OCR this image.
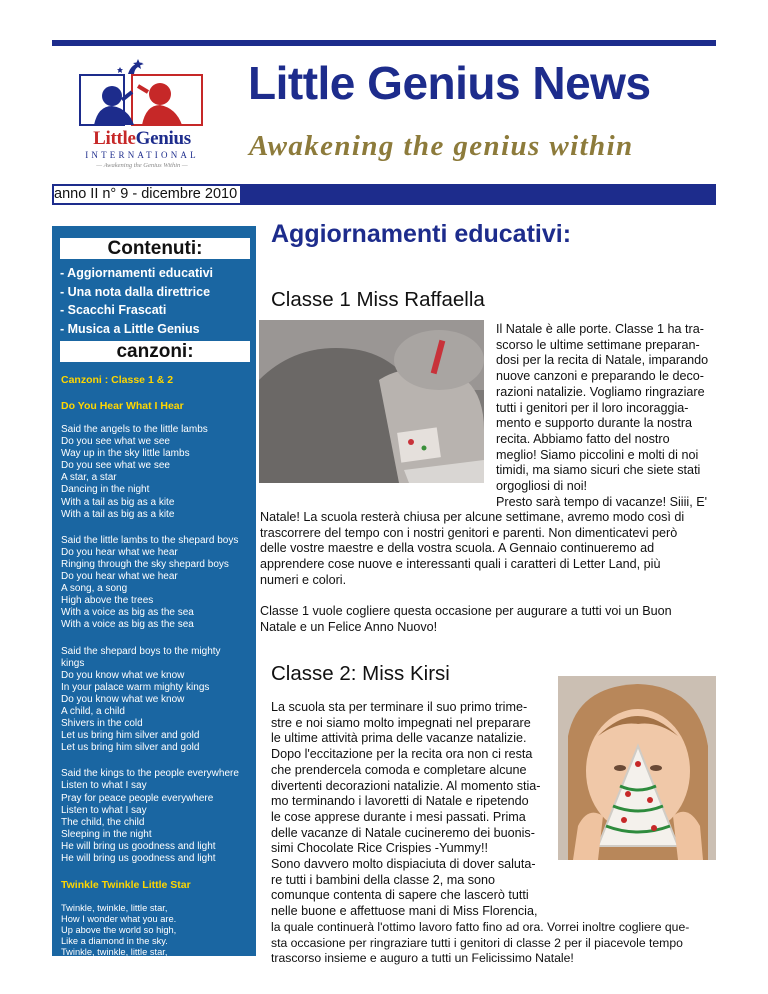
LittleGenius
INTERNATIONAL
— Awakening the Genius Within —
Little Genius News
Awakening the genius within
anno II n° 9 - dicembre 2010
Contenuti:
- Aggiornamenti educativi
- Una nota dalla direttrice
- Scacchi Frascati
- Musica a Little Genius
canzoni:
Canzoni : Classe 1 & 2
Do You Hear What I Hear
Said the angels to the little lambs
Do you see what we see
Way up in the sky little lambs
Do you see what we see
A star, a star
Dancing in the night
With a tail as big as a kite
With a tail as big as a kite
Said the little lambs to the shepard boys
Do you hear what we hear
Ringing through the sky shepard boys
Do you hear what we hear
A song, a song
High above the trees
With a voice as big as the sea
With a voice as big as the sea
Said the shepard boys to the mighty
kings
Do you know what we know
In your palace warm mighty kings
Do you know what we know
A child, a child
Shivers in the cold
Let us bring him silver and gold
Let us bring him silver and gold
Said the kings to the people everywhere
Listen to what I say
Pray for peace people everywhere
Listen to what I say
The child, the child
Sleeping in the night
He will bring us goodness and light
He will bring us goodness and light
Twinkle Twinkle Little Star
Twinkle, twinkle, little star,
How I wonder what you are.
Up above the world so high,
Like a diamond in the sky.
Twinkle, twinkle, little star,
Aggiornamenti educativi:
Classe 1 Miss Raffaella
Il Natale è alle porte. Classe 1 ha tra-
scorso le ultime settimane preparan-
dosi per la recita di Natale, imparando
nuove canzoni e preparando le deco-
razioni natalizie. Vogliamo ringraziare
tutti i genitori per il loro incoraggia-
mento e supporto durante la nostra
recita. Abbiamo fatto del nostro
meglio! Siamo piccolini e molti di noi
timidi, ma siamo sicuri che siete stati
orgogliosi di noi!
Presto sarà tempo di vacanze! Siiii, E'
Natale! La scuola resterà chiusa per alcune settimane, avremo modo così di
trascorrere del tempo con i nostri genitori e parenti. Non dimenticatevi però
delle vostre maestre e della vostra scuola. A Gennaio continueremo ad
apprendere cose nuove e interessanti quali i caratteri di Letter Land, più
numeri e colori.
Classe 1 vuole cogliere questa occasione per augurare a tutti voi un Buon
Natale e un Felice Anno Nuovo!
Classe 2: Miss Kirsi
La scuola sta per terminare il suo primo trime-
stre e noi siamo molto impegnati nel preparare
le ultime attività prima delle vacanze natalizie.
Dopo l'eccitazione per la recita ora non ci resta
che prendercela comoda e completare alcune
divertenti decorazioni natalizie. Al momento stia-
mo terminando i lavoretti di Natale e ripetendo
le cose apprese durante i mesi passati. Prima
delle vacanze di Natale cucineremo dei buonis-
simi Chocolate Rice Crispies -Yummy!!
Sono davvero molto dispiaciuta di dover saluta-
re tutti i bambini della classe 2, ma sono
comunque contenta di sapere che lascerò tutti
nelle buone e affettuose mani di Miss Florencia,
la quale continuerà l'ottimo lavoro fatto fino ad ora. Vorrei inoltre cogliere que-
sta occasione per ringraziare tutti i genitori di classe 2 per il piacevole tempo
trascorso insieme e auguro a tutti un Felicissimo Natale!
